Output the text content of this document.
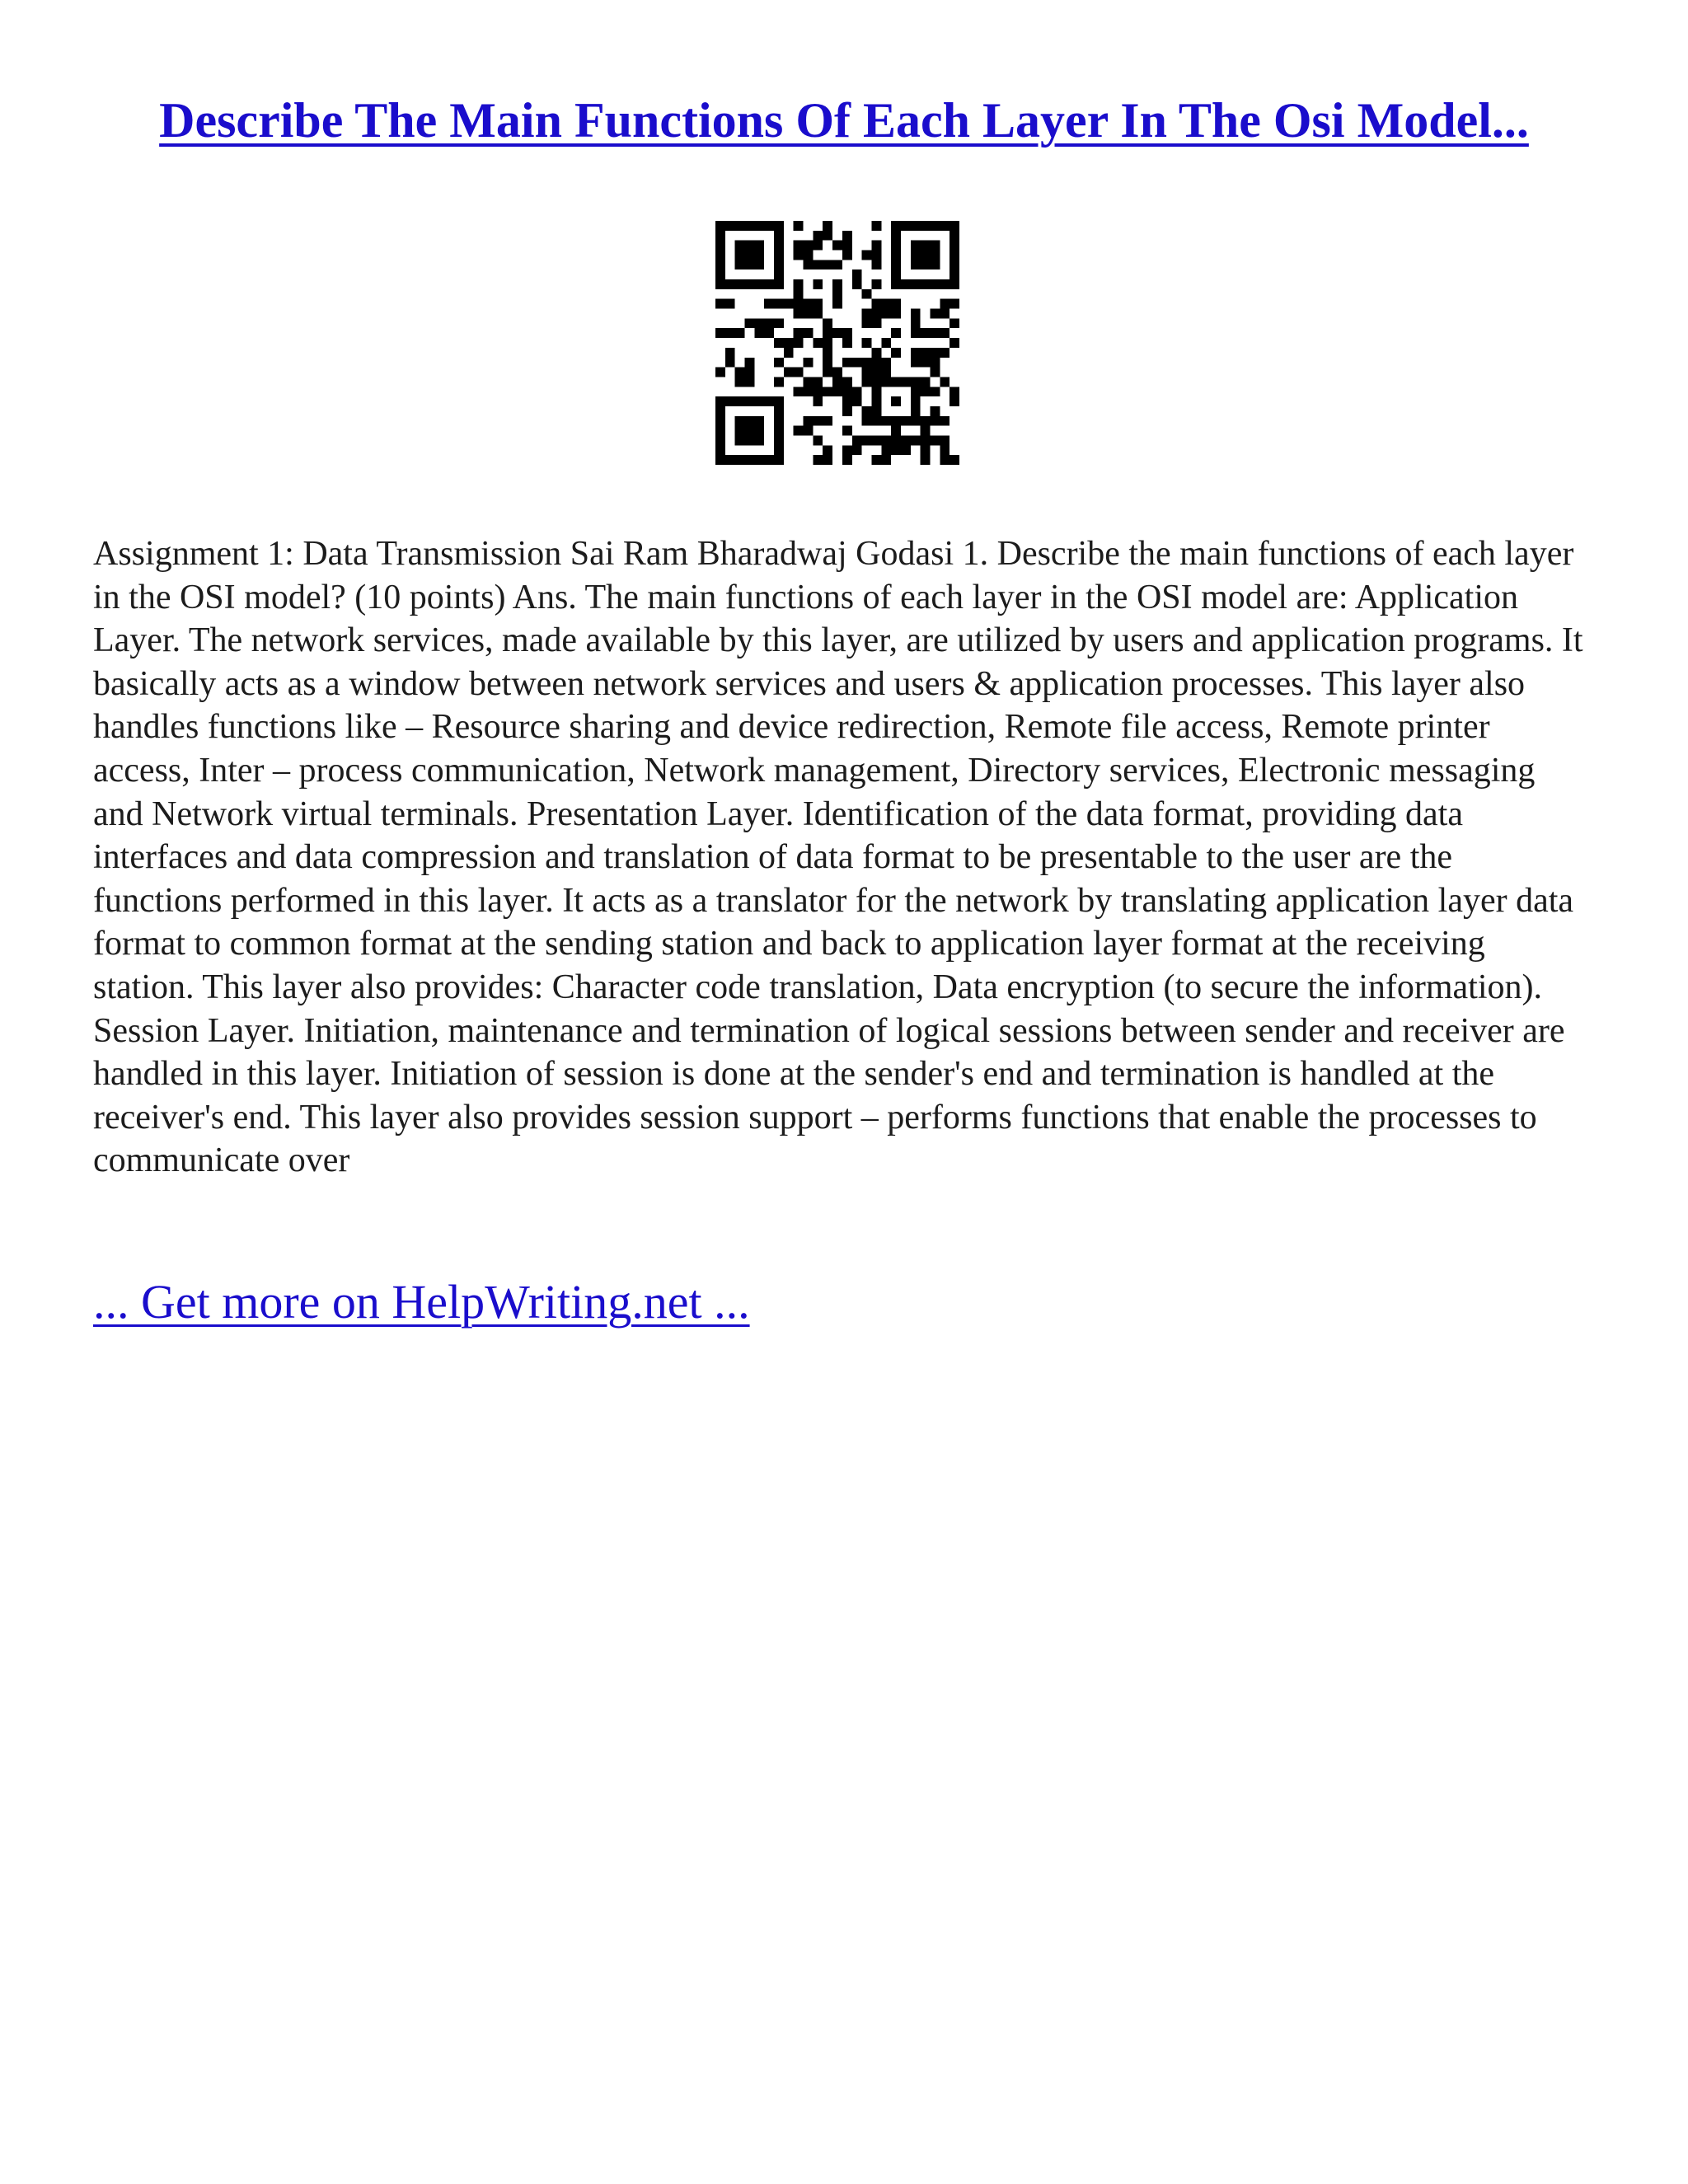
Describe The Main Functions Of Each Layer In The Osi Model...

Assignment 1: Data Transmission Sai Ram Bharadwaj Godasi 1. Describe the main functions of each layer in the OSI model? (10 points) Ans. The main functions of each layer in the OSI model are: Application Layer. The network services, made available by this layer, are utilized by users and application programs. It basically acts as a window between network services and users & application processes. This layer also handles functions like – Resource sharing and device redirection, Remote file access, Remote printer access, Inter – process communication, Network management, Directory services, Electronic messaging and Network virtual terminals. Presentation Layer. Identification of the data format, providing data interfaces and data compression and translation of data format to be presentable to the user are the functions performed in this layer. It acts as a translator for the network by translating application layer data format to common format at the sending station and back to application layer format at the receiving station. This layer also provides: Character code translation, Data encryption (to secure the information). Session Layer. Initiation, maintenance and termination of logical sessions between sender and receiver are handled in this layer. Initiation of session is done at the sender's end and termination is handled at the receiver's end. This layer also provides session support – performs functions that enable the processes to communicate over

... Get more on HelpWriting.net ...
